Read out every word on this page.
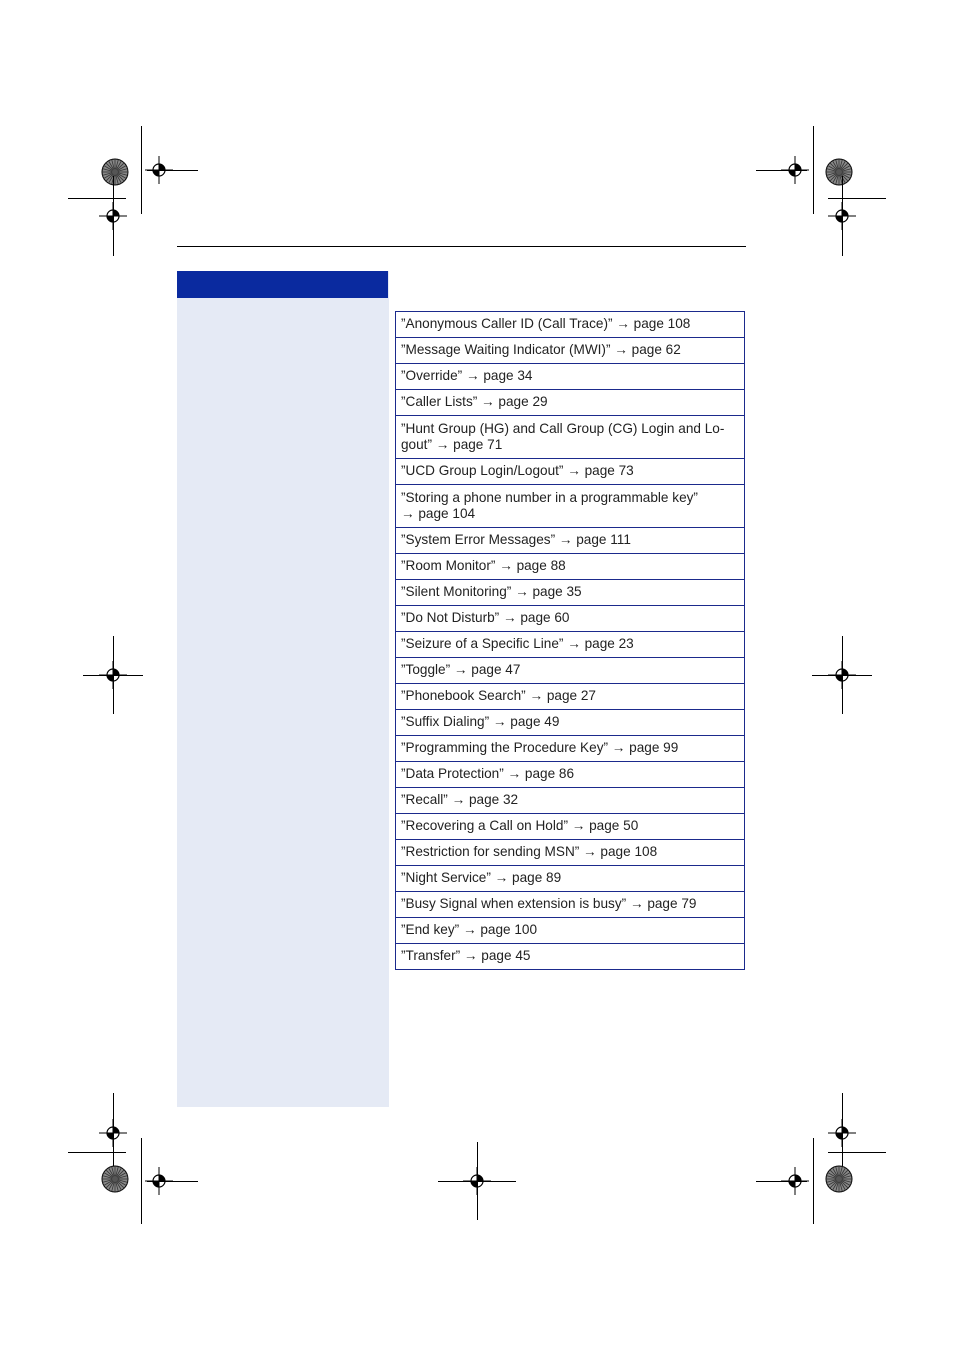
”Anonymous Caller ID (Call Trace)” → page 108
”Message Waiting Indicator (MWI)” → page 62
”Override” → page 34
”Caller Lists” → page 29
”Hunt Group (HG) and Call Group (CG) Login and Lo-
gout” → page 71
”UCD Group Login/Logout” → page 73
”Storing a phone number in a programmable key”
→ page 104
”System Error Messages” → page 111
”Room Monitor” → page 88
”Silent Monitoring” → page 35
”Do Not Disturb” → page 60
”Seizure of a Specific Line” → page 23
”Toggle” → page 47
”Phonebook Search” → page 27
”Suffix Dialing” → page 49
”Programming the Procedure Key” → page 99
”Data Protection” → page 86
”Recall” → page 32
”Recovering a Call on Hold” → page 50
”Restriction for sending MSN” → page 108
”Night Service” → page 89
”Busy Signal when extension is busy” → page 79
”End key” → page 100
”Transfer” → page 45
